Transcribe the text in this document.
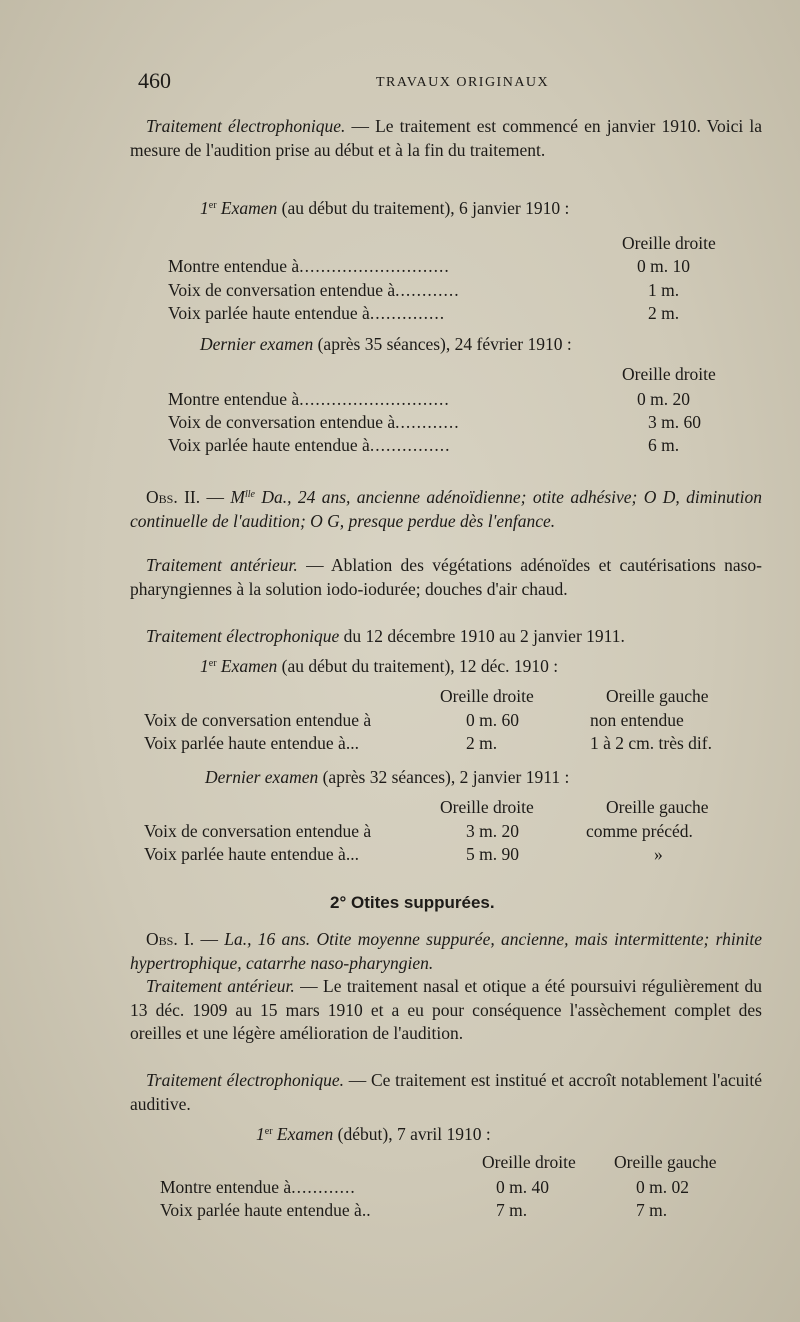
460	TRAVAUX ORIGINAUX
Traitement électrophonique. — Le traitement est commencé en janvier 1910. Voici la mesure de l'audition prise au début et à la fin du traitement.
1er Examen (au début du traitement), 6 janvier 1910 :
Oreille droite
Montre entendue à............................	0 m. 10
Voix de conversation entendue à............	1 m.
Voix parlée haute entendue à..............	2 m.
Dernier examen (après 35 séances), 24 février 1910 :
Oreille droite
Montre entendue à............................	0 m. 20
Voix de conversation entendue à............	3 m. 60
Voix parlée haute entendue à...............	6 m.
Obs. II. — $M^{lle}$ Da., 24 ans, ancienne adénoïdienne; otite adhésive; O D, diminution continuelle de l'audition; O G, presque perdue dès l'enfance.
Traitement antérieur. — Ablation des végétations adénoïdes et cautérisations naso-pharyngiennes à la solution iodo-iodurée; douches d'air chaud.
Traitement électrophonique du 12 décembre 1910 au 2 janvier 1911.
1er Examen (au début du traitement), 12 déc. 1910 :
Oreille droite	Oreille gauche
Voix de conversation entendue à	0 m. 60	non entendue
Voix parlée haute entendue à...	2 m.	1 à 2 cm. très dif.
Dernier examen (après 32 séances), 2 janvier 1911 :
Oreille droite	Oreille gauche
Voix de conversation entendue à	3 m. 20	comme précéd.
Voix parlée haute entendue à...	5 m. 90	»
2° Otites suppurées.
Obs. I. — La., 16 ans. Otite moyenne suppurée, ancienne, mais intermittente; rhinite hypertrophique, catarrhe naso-pharyngien.
Traitement antérieur. — Le traitement nasal et otique a été poursuivi régulièrement du 13 déc. 1909 au 15 mars 1910 et a eu pour conséquence l'assèchement complet des oreilles et une légère amélioration de l'audition.
Traitement électrophonique. — Ce traitement est institué et accroît notablement l'acuité auditive.
1er Examen (début), 7 avril 1910 :
Oreille droite Oreille gauche
Montre entendue à............	0 m. 40	0 m. 02
Voix parlée haute entendue à..	7 m.	7 m.
